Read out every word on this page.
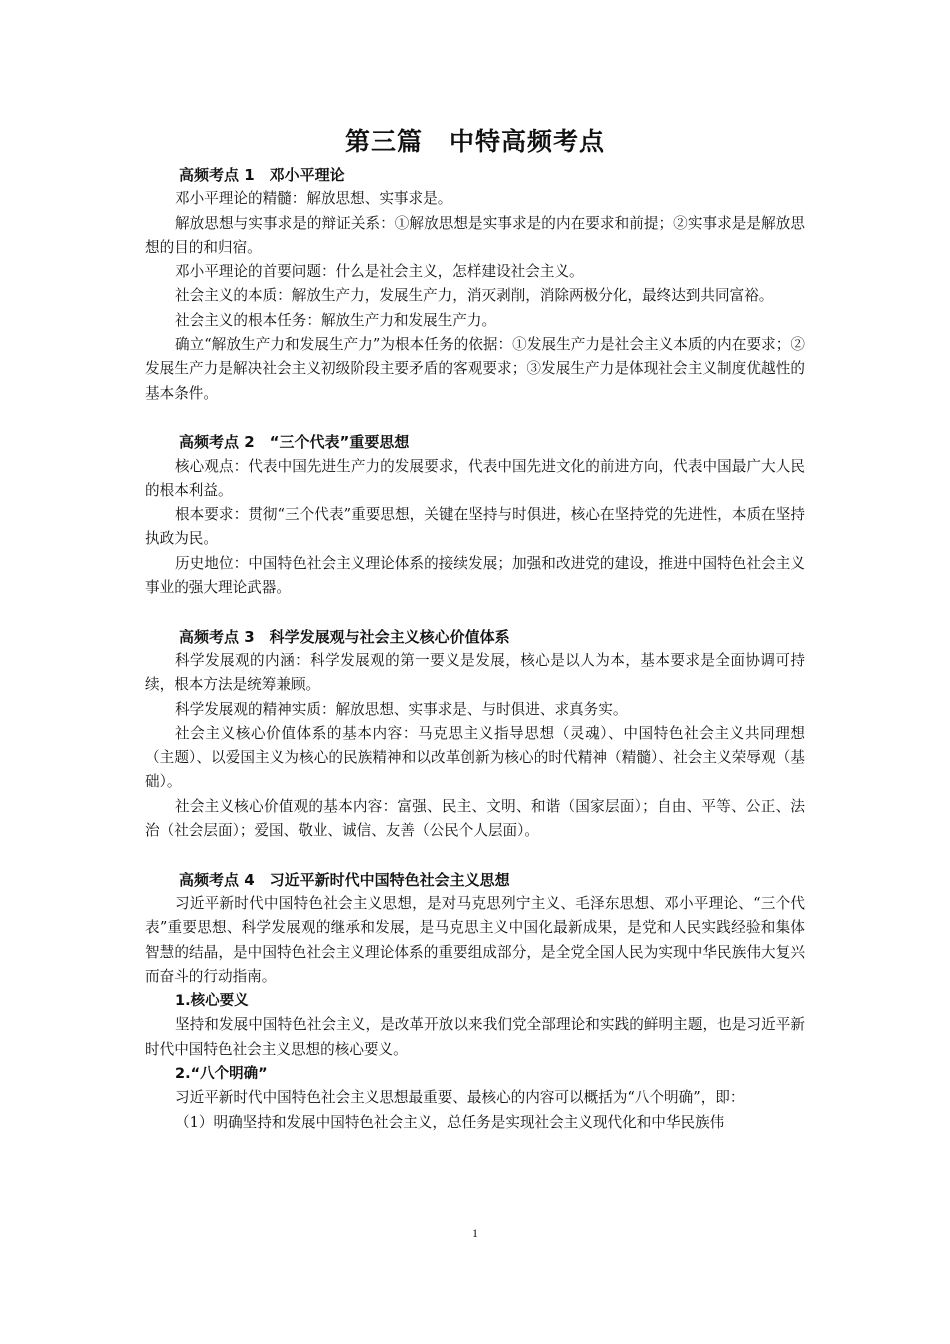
第三篇　中特高频考点
高频考点 1　邓小平理论

邓小平理论的精髓：解放思想、实事求是。

解放思想与实事求是的辩证关系：①解放思想是实事求是的内在要求和前提；②实事求是是解放思想的目的和归宿。

邓小平理论的首要问题：什么是社会主义，怎样建设社会主义。

社会主义的本质：解放生产力，发展生产力，消灭剥削，消除两极分化，最终达到共同富裕。

社会主义的根本任务：解放生产力和发展生产力。

确立“解放生产力和发展生产力”为根本任务的依据：①发展生产力是社会主义本质的内在要求；②发展生产力是解决社会主义初级阶段主要矛盾的客观要求；③发展生产力是体现社会主义制度优越性的基本条件。

高频考点 2　“三个代表”重要思想

核心观点：代表中国先进生产力的发展要求，代表中国先进文化的前进方向，代表中国最广大人民的根本利益。

根本要求：贯彻“三个代表”重要思想，关键在坚持与时俱进，核心在坚持党的先进性，本质在坚持执政为民。

历史地位：中国特色社会主义理论体系的接续发展；加强和改进党的建设，推进中国特色社会主义事业的强大理论武器。

高频考点 3　科学发展观与社会主义核心价值体系

科学发展观的内涵：科学发展观的第一要义是发展，核心是以人为本，基本要求是全面协调可持续，根本方法是统筹兼顾。

科学发展观的精神实质：解放思想、实事求是、与时俱进、求真务实。

社会主义核心价值体系的基本内容：马克思主义指导思想（灵魂）、中国特色社会主义共同理想（主题）、以爱国主义为核心的民族精神和以改革创新为核心的时代精神（精髓）、社会主义荣辱观（基础）。

社会主义核心价值观的基本内容：富强、民主、文明、和谐（国家层面）；自由、平等、公正、法治（社会层面）；爱国、敬业、诚信、友善（公民个人层面）。

高频考点 4　习近平新时代中国特色社会主义思想

习近平新时代中国特色社会主义思想，是对马克思列宁主义、毛泽东思想、邓小平理论、“三个代表”重要思想、科学发展观的继承和发展，是马克思主义中国化最新成果，是党和人民实践经验和集体智慧的结晶，是中国特色社会主义理论体系的重要组成部分，是全党全国人民为实现中华民族伟大复兴而奋斗的行动指南。

1.核心要义

坚持和发展中国特色社会主义，是改革开放以来我们党全部理论和实践的鲜明主题，也是习近平新时代中国特色社会主义思想的核心要义。

2.“八个明确”

习近平新时代中国特色社会主义思想最重要、最核心的内容可以概括为“八个明确”，即：

（1）明确坚持和发展中国特色社会主义，总任务是实现社会主义现代化和中华民族伟

1
